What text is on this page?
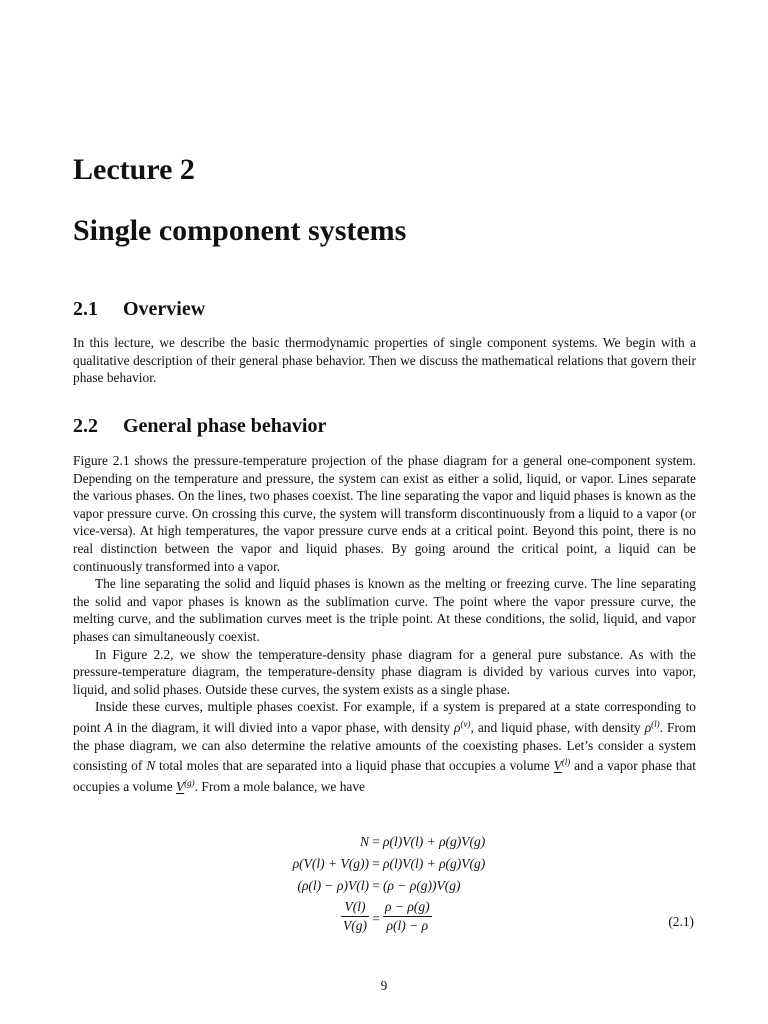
Lecture 2
Single component systems
2.1 Overview

In this lecture, we describe the basic thermodynamic properties of single component systems. We begin with a qualitative description of their general phase behavior. Then we discuss the mathematical relations that govern their phase behavior.

2.2 General phase behavior

Figure 2.1 shows the pressure-temperature projection of the phase diagram for a general one-component system. Depending on the temperature and pressure, the system can exist as either a solid, liquid, or vapor. Lines separate the various phases. On the lines, two phases coexist. The line separating the vapor and liquid phases is known as the vapor pressure curve. On crossing this curve, the system will transform discontinuously from a liquid to a vapor (or vice-versa). At high temperatures, the vapor pressure curve ends at a critical point. Beyond this point, there is no real distinction between the vapor and liquid phases. By going around the critical point, a liquid can be continuously transformed into a vapor.

The line separating the solid and liquid phases is known as the melting or freezing curve. The line separating the solid and vapor phases is known as the sublimation curve. The point where the vapor pressure curve, the melting curve, and the sublimation curves meet is the triple point. At these conditions, the solid, liquid, and vapor phases can simultaneously coexist.

In Figure 2.2, we show the temperature-density phase diagram for a general pure substance. As with the pressure-temperature diagram, the temperature-density phase diagram is divided by various curves into vapor, liquid, and solid phases. Outside these curves, the system exists as a single phase.

Inside these curves, multiple phases coexist. For example, if a system is prepared at a state corresponding to point A in the diagram, it will divied into a vapor phase, with density $\rho^{(v)}$, and liquid phase, with density $\rho^{(l)}$. From the phase diagram, we can also determine the relative amounts of the coexisting phases. Let’s consider a system consisting of N total moles that are separated into a liquid phase that occupies a volume $V^{(l)}$ and a vapor phase that occupies a volume $V^{(g)}$. From a mole balance, we have

N = ρ(l)V(l) + ρ(g)V(g)
ρ(V(l) + V(g)) = ρ(l)V(l) + ρ(g)V(g)
(ρ(l) − ρ)V(l) = (ρ − ρ(g))V(g)
$\frac{V(l)}{V(g)} = \frac{\rho - \rho(g)}{\rho(l) - \rho}$	(2.1)
9
